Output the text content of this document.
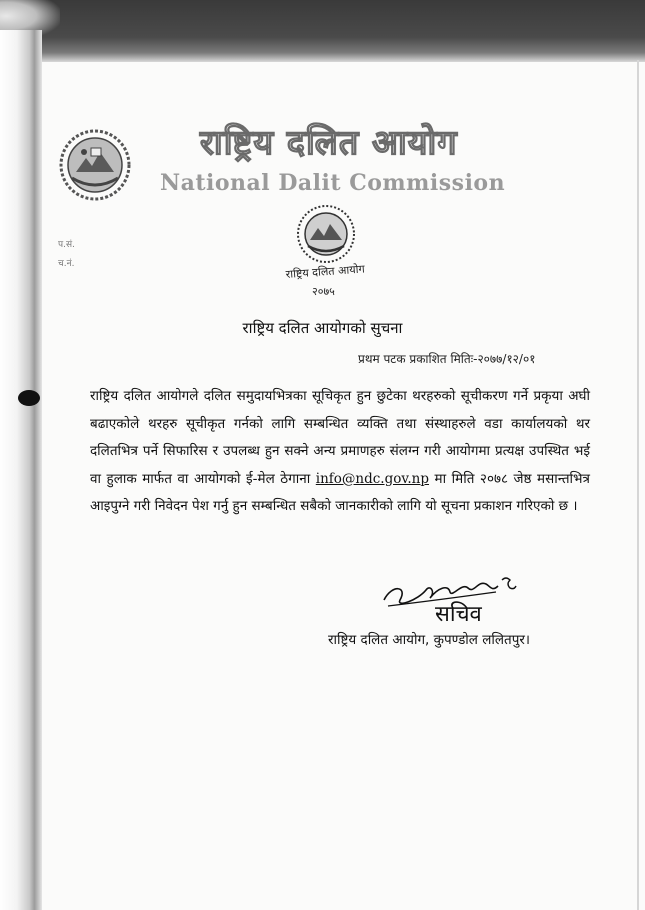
राष्ट्रिय दलित आयोग
National Dalit Commission
प.सं.
च.नं.	राष्ट्रिय दलित आयोग
२०७५
राष्ट्रिय दलित आयोगको सुचना
प्रथम पटक प्रकाशित मितिः-२०७७/१२/०१
राष्ट्रिय दलित आयोगले दलित समुदायभित्रका सूचिकृत हुन छुटेका थरहरुको सूचीकरण गर्ने प्रकृया अघी बढाएकोले थरहरु सूचीकृत गर्नको लागि सम्बन्धित व्यक्ति तथा संस्थाहरुले वडा कार्यालयको थर दलितभित्र पर्ने सिफारिस र उपलब्ध हुन सक्ने अन्य प्रमाणहरु संलग्न गरी आयोगमा प्रत्यक्ष उपस्थित भई वा हुलाक मार्फत वा आयोगको ई-मेल ठेगाना info@ndc.gov.np मा मिति २०७८ जेष्ठ मसान्तभित्र आइपुग्ने गरी निवेदन पेश गर्नु हुन सम्बन्धित सबैको जानकारीको लागि यो सूचना प्रकाशन गरिएको छ ।
सचिव
राष्ट्रिय दलित आयोग, कुपण्डोल ललितपुर।
